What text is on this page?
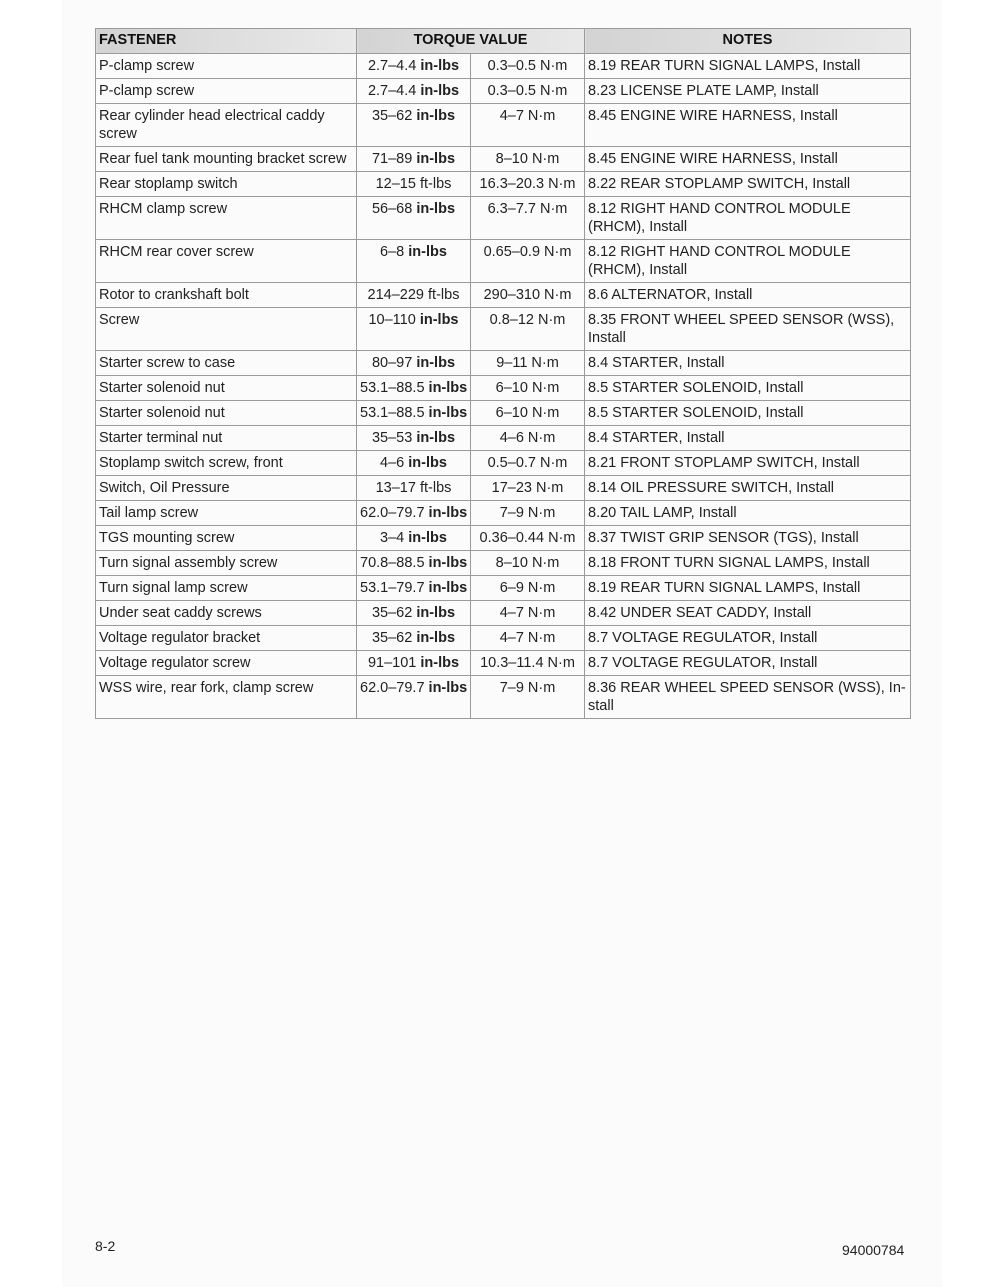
FASTENER	TORQUE VALUE		NOTES
P-clamp screw	2.7–4.4 in-lbs	0.3–0.5 N·m	8.19 REAR TURN SIGNAL LAMPS, Install
P-clamp screw	2.7–4.4 in-lbs	0.3–0.5 N·m	8.23 LICENSE PLATE LAMP, Install
Rear cylinder head electrical caddy screw	35–62 in-lbs	4–7 N·m	8.45 ENGINE WIRE HARNESS, Install
Rear fuel tank mounting bracket screw	71–89 in-lbs	8–10 N·m	8.45 ENGINE WIRE HARNESS, Install
Rear stoplamp switch	12–15 ft-lbs	16.3–20.3 N·m	8.22 REAR STOPLAMP SWITCH, Install
RHCM clamp screw	56–68 in-lbs	6.3–7.7 N·m	8.12 RIGHT HAND CONTROL MODULE (RHCM), Install
RHCM rear cover screw	6–8 in-lbs	0.65–0.9 N·m	8.12 RIGHT HAND CONTROL MODULE (RHCM), Install
Rotor to crankshaft bolt	214–229 ft-lbs	290–310 N·m	8.6 ALTERNATOR, Install
Screw	10–110 in-lbs	0.8–12 N·m	8.35 FRONT WHEEL SPEED SENSOR (WSS), Install
Starter screw to case	80–97 in-lbs	9–11 N·m	8.4 STARTER, Install
Starter solenoid nut	53.1–88.5 in-lbs	6–10 N·m	8.5 STARTER SOLENOID, Install
Starter solenoid nut	53.1–88.5 in-lbs	6–10 N·m	8.5 STARTER SOLENOID, Install
Starter terminal nut	35–53 in-lbs	4–6 N·m	8.4 STARTER, Install
Stoplamp switch screw, front	4–6 in-lbs	0.5–0.7 N·m	8.21 FRONT STOPLAMP SWITCH, Install
Switch, Oil Pressure	13–17 ft-lbs	17–23 N·m	8.14 OIL PRESSURE SWITCH, Install
Tail lamp screw	62.0–79.7 in-lbs	7–9 N·m	8.20 TAIL LAMP, Install
TGS mounting screw	3–4 in-lbs	0.36–0.44 N·m	8.37 TWIST GRIP SENSOR (TGS), Install
Turn signal assembly screw	70.8–88.5 in-lbs	8–10 N·m	8.18 FRONT TURN SIGNAL LAMPS, Install
Turn signal lamp screw	53.1–79.7 in-lbs	6–9 N·m	8.19 REAR TURN SIGNAL LAMPS, Install
Under seat caddy screws	35–62 in-lbs	4–7 N·m	8.42 UNDER SEAT CADDY, Install
Voltage regulator bracket	35–62 in-lbs	4–7 N·m	8.7 VOLTAGE REGULATOR, Install
Voltage regulator screw	91–101 in-lbs	10.3–11.4 N·m	8.7 VOLTAGE REGULATOR, Install
WSS wire, rear fork, clamp screw	62.0–79.7 in-lbs	7–9 N·m	8.36 REAR WHEEL SPEED SENSOR (WSS), In-stall
8-2	94000784
